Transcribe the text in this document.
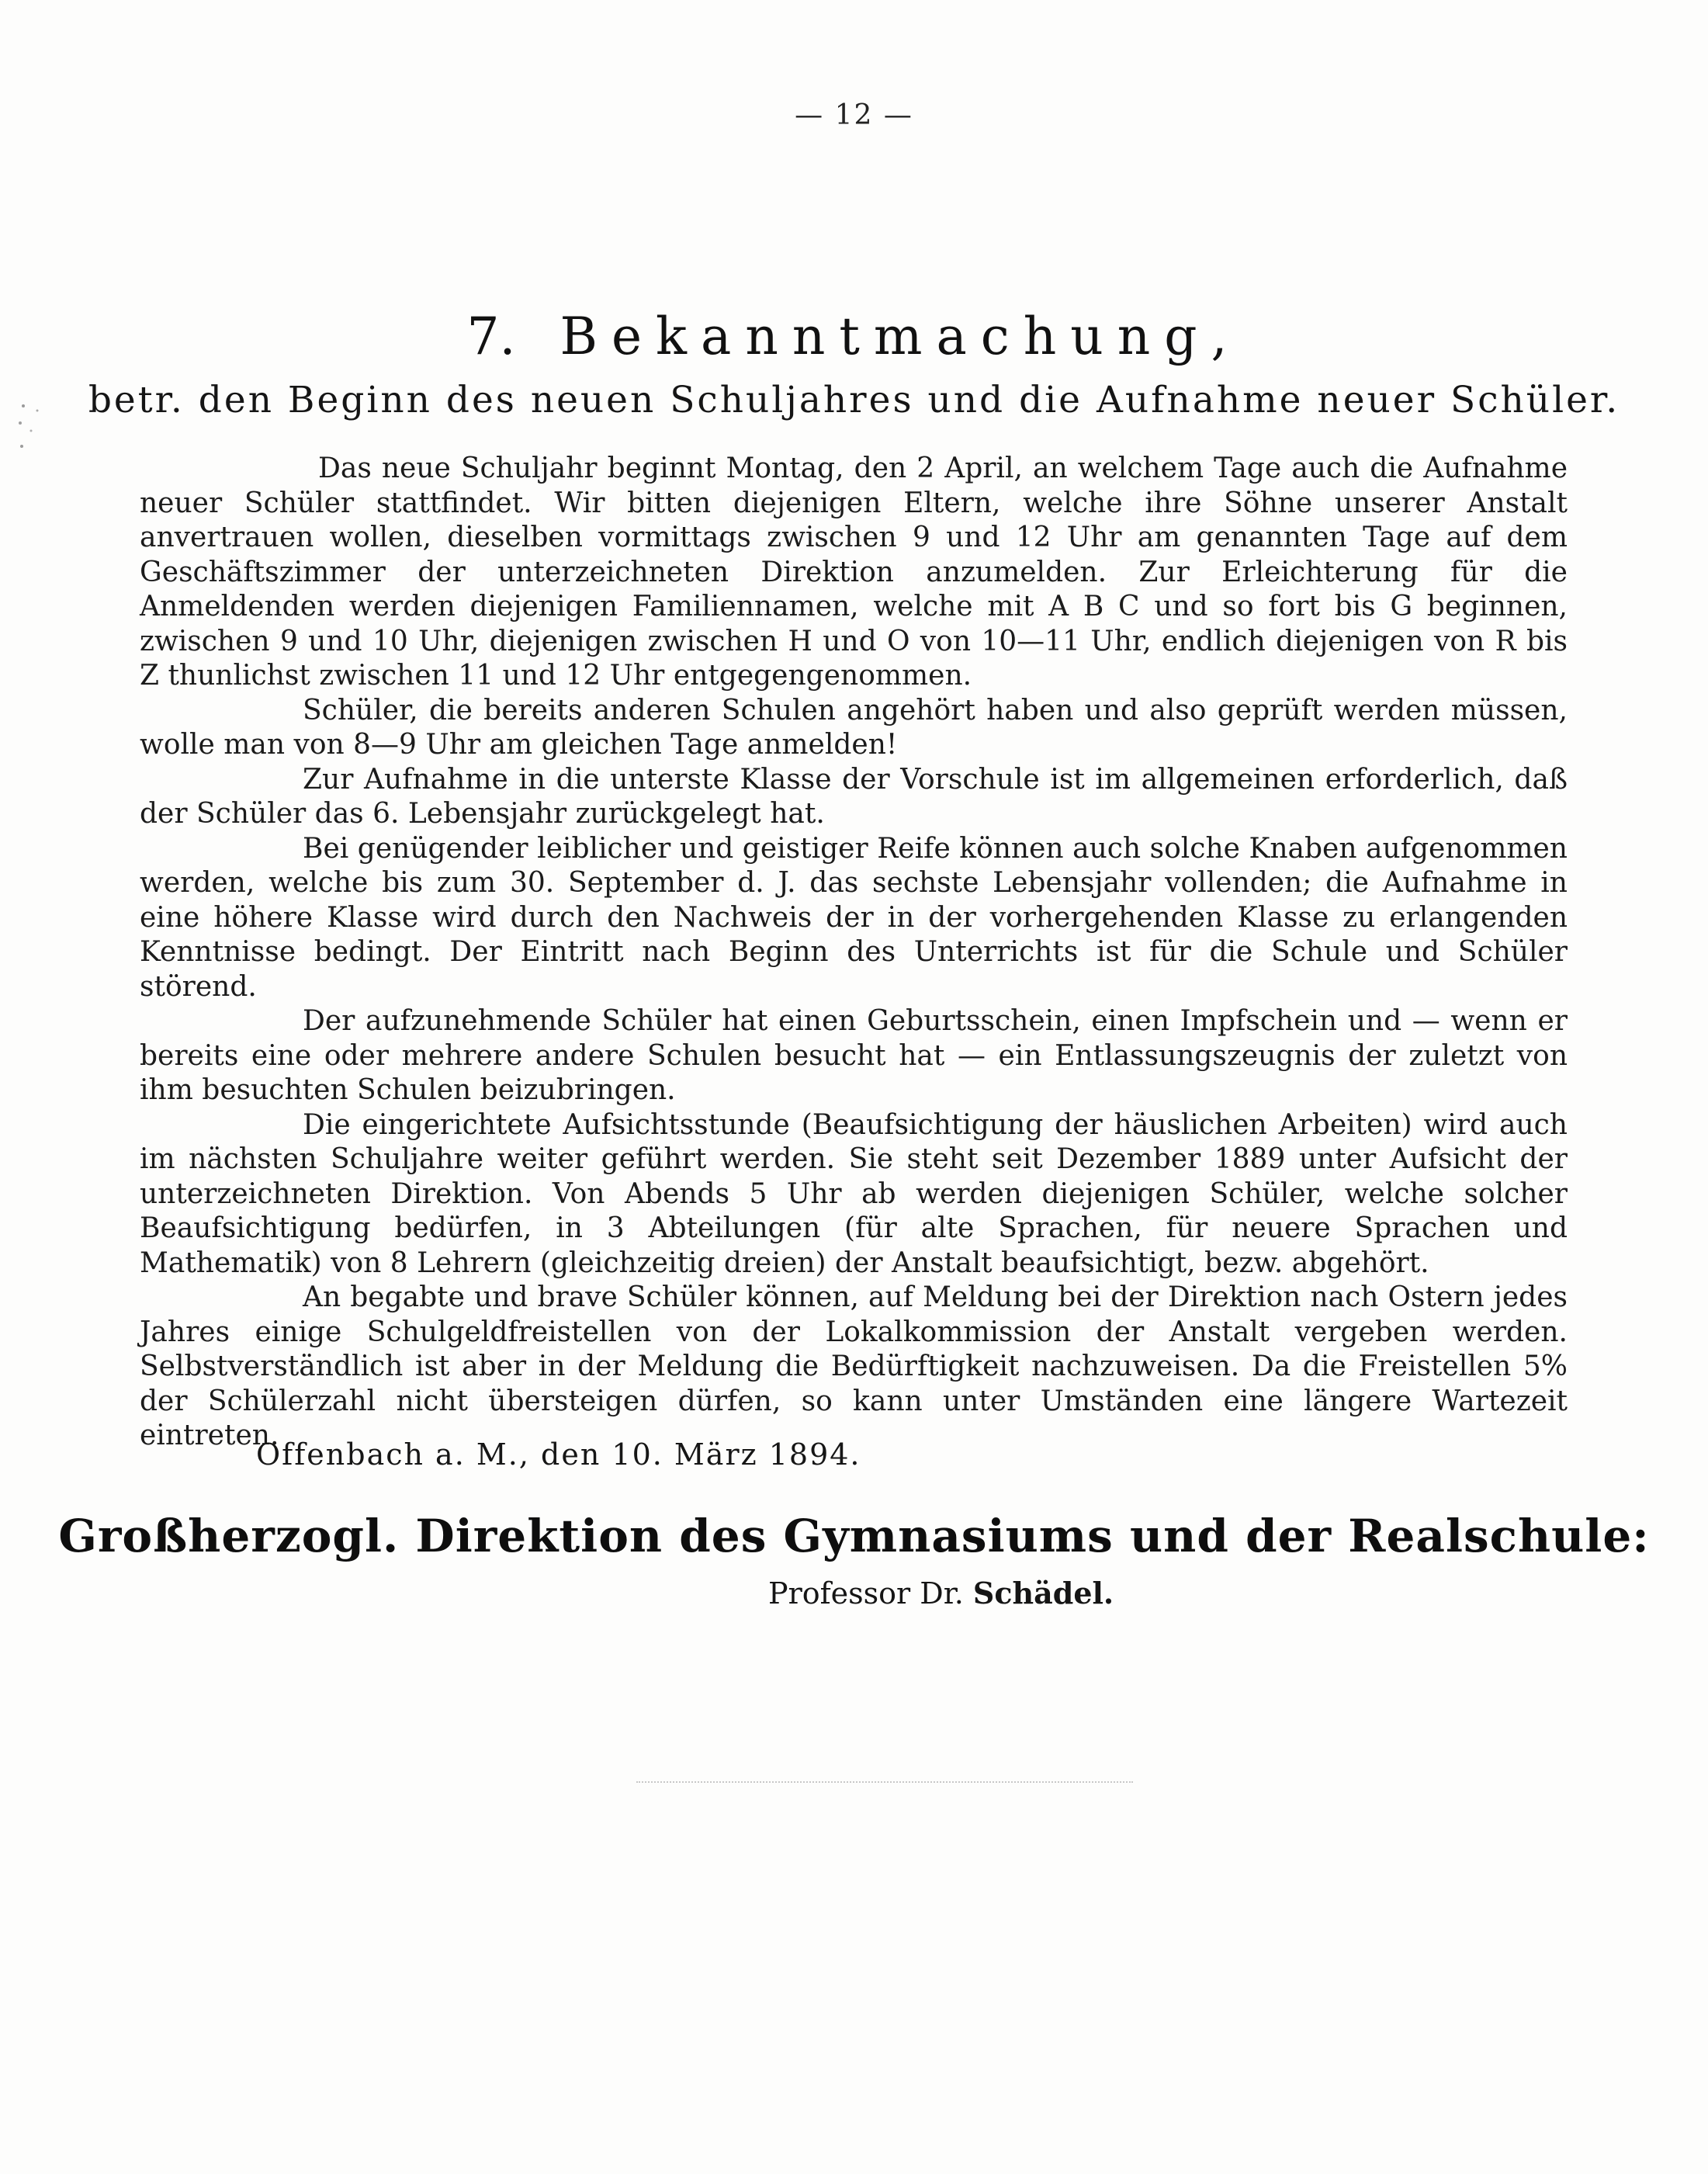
— 12 —
7. Bekanntmachung,
betr. den Beginn des neuen Schuljahres und die Aufnahme neuer Schüler.

Das neue Schuljahr beginnt Montag, den 2 April, an welchem Tage auch die Aufnahme neuer Schüler stattfindet. Wir bitten diejenigen Eltern, welche ihre Söhne unserer Anstalt anvertrauen wollen, dieselben vormittags zwischen 9 und 12 Uhr am genannten Tage auf dem Geschäftszimmer der unterzeichneten Direktion anzumelden. Zur Erleichterung für die Anmeldenden werden diejenigen Familiennamen, welche mit A B C und so fort bis G beginnen, zwischen 9 und 10 Uhr, diejenigen zwischen H und O von 10—11 Uhr, endlich diejenigen von R bis Z thunlichst zwischen 11 und 12 Uhr entgegengenommen.

Schüler, die bereits anderen Schulen angehört haben und also geprüft werden müssen, wolle man von 8—9 Uhr am gleichen Tage anmelden!

Zur Aufnahme in die unterste Klasse der Vorschule ist im allgemeinen erforderlich, daß der Schüler das 6. Lebensjahr zurückgelegt hat.

Bei genügender leiblicher und geistiger Reife können auch solche Knaben aufgenommen werden, welche bis zum 30. September d. J. das sechste Lebensjahr vollenden; die Aufnahme in eine höhere Klasse wird durch den Nachweis der in der vorhergehenden Klasse zu erlangenden Kenntnisse bedingt. Der Eintritt nach Beginn des Unterrichts ist für die Schule und Schüler störend.

Der aufzunehmende Schüler hat einen Geburtsschein, einen Impfschein und — wenn er bereits eine oder mehrere andere Schulen besucht hat — ein Entlassungszeugnis der zuletzt von ihm besuchten Schulen beizubringen.

Die eingerichtete Aufsichtsstunde (Beaufsichtigung der häuslichen Arbeiten) wird auch im nächsten Schuljahre weiter geführt werden. Sie steht seit Dezember 1889 unter Aufsicht der unterzeichneten Direktion. Von Abends 5 Uhr ab werden diejenigen Schüler, welche solcher Beaufsichtigung bedürfen, in 3 Abteilungen (für alte Sprachen, für neuere Sprachen und Mathematik) von 8 Lehrern (gleichzeitig dreien) der Anstalt beaufsichtigt, bezw. abgehört.

An begabte und brave Schüler können, auf Meldung bei der Direktion nach Ostern jedes Jahres einige Schulgeldfreistellen von der Lokalkommission der Anstalt vergeben werden. Selbstverständlich ist aber in der Meldung die Bedürftigkeit nachzuweisen. Da die Freistellen 5% der Schülerzahl nicht übersteigen dürfen, so kann unter Umständen eine längere Wartezeit eintreten.

Offenbach a. M., den 10. März 1894.
Großherzogl. Direktion des Gymnasiums und der Realschule:
Professor Dr. Schädel.
